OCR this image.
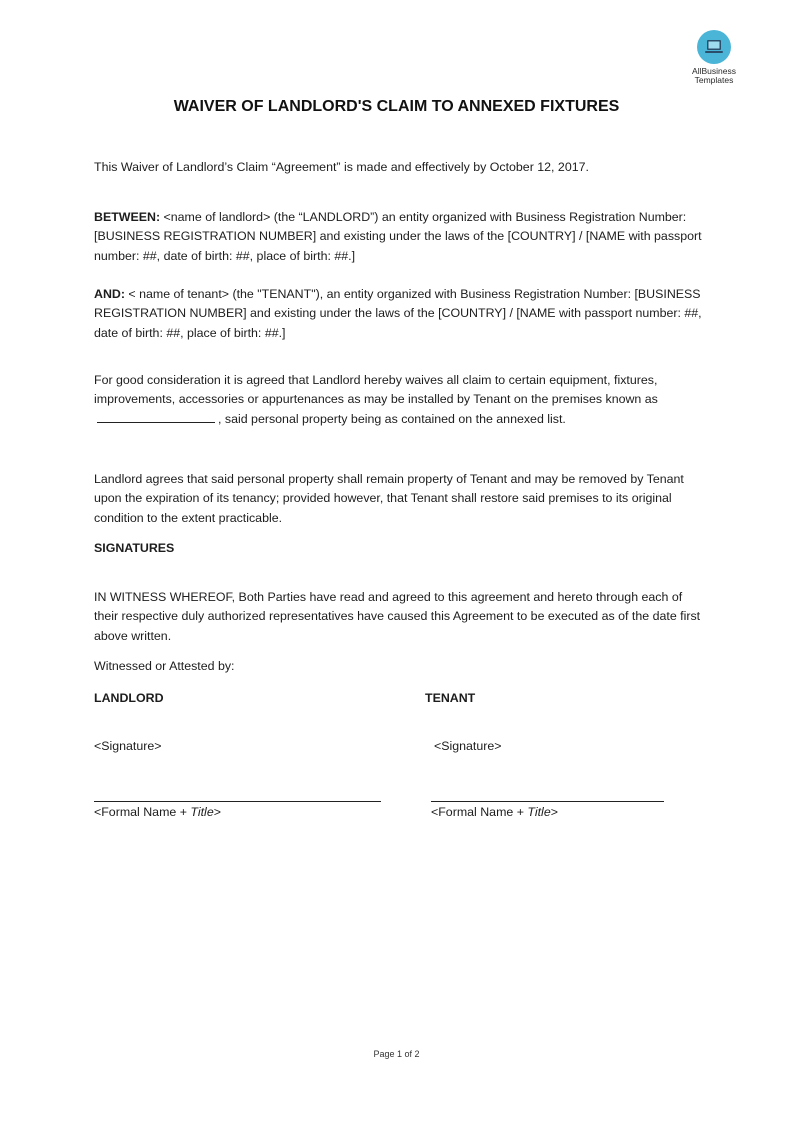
AllBusiness
Templates
WAIVER OF LANDLORD'S CLAIM TO ANNEXED FIXTURES
This Waiver of Landlord’s Claim “Agreement” is made and effectively by October 12, 2017.
BETWEEN: <name of landlord> (the “LANDLORD”) an entity organized with Business Registration Number: [BUSINESS REGISTRATION NUMBER] and existing under the laws of the [COUNTRY] / [NAME with passport number: ##, date of birth: ##, place of birth: ##.]
AND: < name of tenant> (the "TENANT"), an entity organized with Business Registration Number: [BUSINESS REGISTRATION NUMBER] and existing under the laws of the [COUNTRY] / [NAME with passport number: ##, date of birth: ##, place of birth: ##.]
For good consideration it is agreed that Landlord hereby waives all claim to certain equipment, fixtures, improvements, accessories or appurtenances as may be installed by Tenant on the premises known as, said personal property being as contained on the annexed list.
Landlord agrees that said personal property shall remain property of Tenant and may be removed by Tenant upon the expiration of its tenancy; provided however, that Tenant shall restore said premises to its original condition to the extent practicable.
SIGNATURES
IN WITNESS WHEREOF, Both Parties have read and agreed to this agreement and hereto through each of their respective duly authorized representatives have caused this Agreement to be executed as of the date first above written.
Witnessed or Attested by:
LANDLORD	TENANT
<Signature>	<Signature>
<Formal Name + Title>	<Formal Name + Title>
Page 1 of 2
